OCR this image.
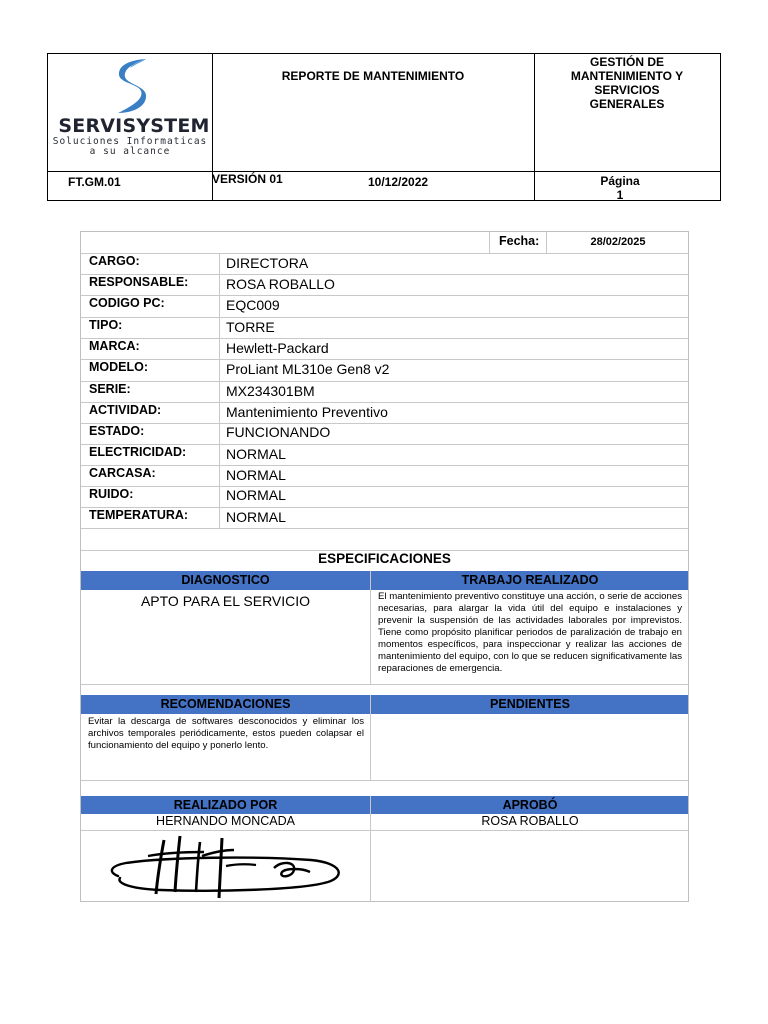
SERVISYSTEM
Soluciones Informaticas
a su alcance
REPORTE DE MANTENIMIENTO
GESTIÓN DE
MANTENIMIENTO Y
SERVICIOS
GENERALES
FT.GM.01	VERSIÓN 01	10/12/2022	Página
1
Fecha:	28/02/2025
CARGO:	DIRECTORA
RESPONSABLE:	ROSA ROBALLO
CODIGO PC:	EQC009
TIPO:	TORRE
MARCA:	Hewlett-Packard
MODELO:	ProLiant ML310e Gen8 v2
SERIE:	MX234301BM
ACTIVIDAD:	Mantenimiento Preventivo
ESTADO:	FUNCIONANDO
ELECTRICIDAD:	NORMAL
CARCASA:	NORMAL
RUIDO:	NORMAL
TEMPERATURA:	NORMAL
ESPECIFICACIONES
DIAGNOSTICO	TRABAJO REALIZADO
APTO PARA EL SERVICIO	El mantenimiento preventivo constituye una acción, o serie de acciones necesarias, para alargar la vida útil del equipo e instalaciones y prevenir la suspensión de las actividades laborales por imprevistos. Tiene como propósito planificar periodos de paralización de trabajo en momentos específicos, para inspeccionar y realizar las acciones de mantenimiento del equipo, con lo que se reducen significativamente las reparaciones de emergencia.
RECOMENDACIONES	PENDIENTES
Evitar la descarga de softwares desconocidos y eliminar los archivos temporales periódicamente, estos pueden colapsar el funcionamiento del equipo y ponerlo lento.
REALIZADO POR	APROBÓ
HERNANDO MONCADA	ROSA ROBALLO
